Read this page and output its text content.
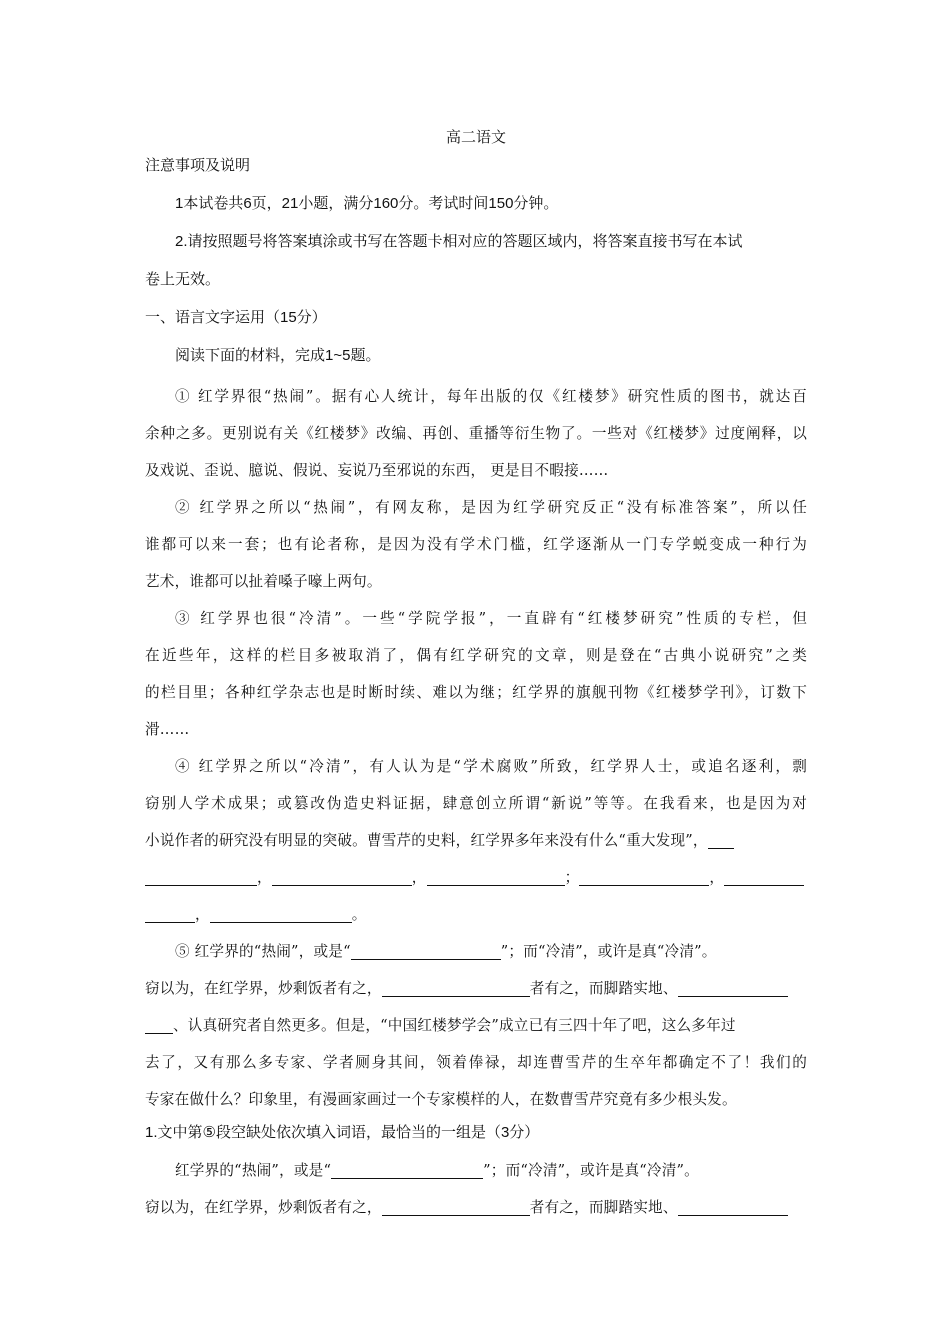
高二语文
注意事项及说明
1本试卷共6页，21小题，满分160分。考试时间150分钟。
2.请按照题号将答案填涂或书写在答题卡相对应的答题区域内，将答案直接书写在本试
卷上无效。
一、语言文字运用（15分）
阅读下面的材料，完成1~5题。
① 红学界很“热闹”。据有心人统计，每年出版的仅《红楼梦》研究性质的图书，就达百
余种之多。更别说有关《红楼梦》改编、再创、重播等衍生物了。一些对《红楼梦》过度阐释，以
及戏说、歪说、臆说、假说、妄说乃至邪说的东西， 更是目不暇接……
② 红学界之所以“热闹”，有网友称，是因为红学研究反正“没有标准答案”，所以任
谁都可以来一套；也有论者称，是因为没有学术门槛，红学逐渐从一门专学蜕变成一种行为
艺术，谁都可以扯着嗓子嚎上两句。
③ 红学界也很“冷清”。一些“学院学报”，一直辟有“红楼梦研究”性质的专栏，但
在近些年，这样的栏目多被取消了，偶有红学研究的文章，则是登在“古典小说研究”之类
的栏目里；各种红学杂志也是时断时续、难以为继；红学界的旗舰刊物《红楼梦学刊》，订数下
滑……
④ 红学界之所以“冷清”，有人认为是“学术腐败”所致，红学界人士，或追名逐利，剽
窃别人学术成果；或篡改伪造史料证据，肆意创立所谓“新说”等等。在我看来，也是因为对
小说作者的研究没有明显的突破。曹雪芹的史料，红学界多年来没有什么“重大发现”，
，	，	；	，
，	。
⑤ 红学界的“热闹”，或是“	”；而“冷清”，或许是真“冷清”。
窃以为，在红学界，炒剩饭者有之，	者有之，而脚踏实地、
、认真研究者自然更多。但是，“中国红楼梦学会”成立已有三四十年了吧，这么多年过
去了，又有那么多专家、学者厕身其间，领着俸禄，却连曹雪芹的生卒年都确定不了！我们的
专家在做什么？印象里，有漫画家画过一个专家模样的人，在数曹雪芹究竟有多少根头发。
1.文中第⑤段空缺处依次填入词语，最恰当的一组是（3分）
红学界的“热闹”，或是“	”；而“冷清”，或许是真“冷清”。
窃以为，在红学界，炒剩饭者有之，	者有之，而脚踏实地、
